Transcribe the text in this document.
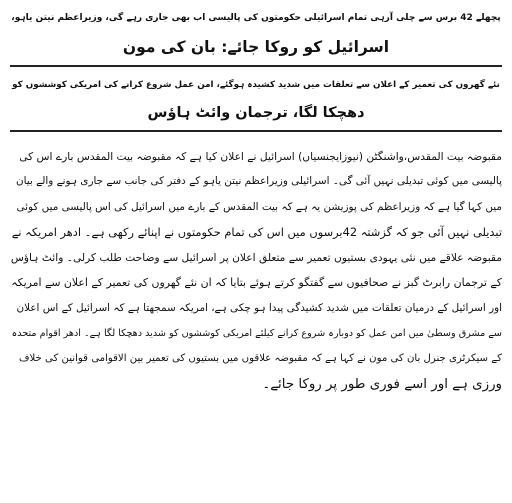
پچھلے 42 برس سے چلی آرہی تمام اسرائیلی حکومتوں کی پالیسی اب بھی جاری رہے گی، وزیراعظم نیتن یاہو،
اسرائیل کو روکا جائے: بان کی مون
نئے گھروں کی تعمیر کے اعلان سے تعلقات میں شدید کشیدہ ہوگئے، امن عمل شروع کرانے کی امریکی کوششوں کو
دھچکا لگا، ترجمان وائٹ ہاؤس
مقبوضہ بیت المقدس،واشنگٹن (نیوزایجنسیاں) اسرائیل نے اعلان کیا ہے کہ مقبوضہ بیت المقدس بارے اس کی
پالیسی میں کوئی تبدیلی نہیں آئی گی۔ اسرائیلی وزیراعظم نیتن یاہو کے دفتر کی جانب سے جاری ہونے والے بیان
میں کہا گیا ہے کہ وزیراعظم کی پوزیشن یہ ہے کہ بیت المقدس کے بارے میں اسرائیل کی اس پالیسی میں کوئی
تبدیلی نہیں آئی جو کہ گزشتہ 42برسوں میں اس کی تمام حکومتوں نے اپنائے رکھی ہے۔ ادھر امریکہ نے
مقبوضہ علاقے میں نئی یہودی بستیوں تعمیر سے متعلق اعلان پر اسرائیل سے وضاحت طلب کرلی۔ وائٹ ہاؤس
کے ترجمان رابرٹ گبز نے صحافیوں سے گفتگو کرتے ہوئے بتایا کہ ان نئے گھروں کی تعمیر کے اعلان سے امریکہ
اور اسرائیل کے درمیان تعلقات میں شدید کشیدگی پیدا ہو چکی ہے، امریکہ سمجھتا ہے کہ اسرائیل کے اس اعلان
سے مشرق وسطیٰ میں امن عمل کو دوبارہ شروع کرانے کیلئے امریکی کوششوں کو شدید دھچکا لگا ہے۔ ادھر اقوام متحدہ
کے سیکرٹری جنرل بان کی مون نے کہا ہے کہ مقبوضہ علاقوں میں بستیوں کی تعمیر بین الاقوامی قوانین کی خلاف
ورزی ہے اور اسے فوری طور پر روکا جائے۔
